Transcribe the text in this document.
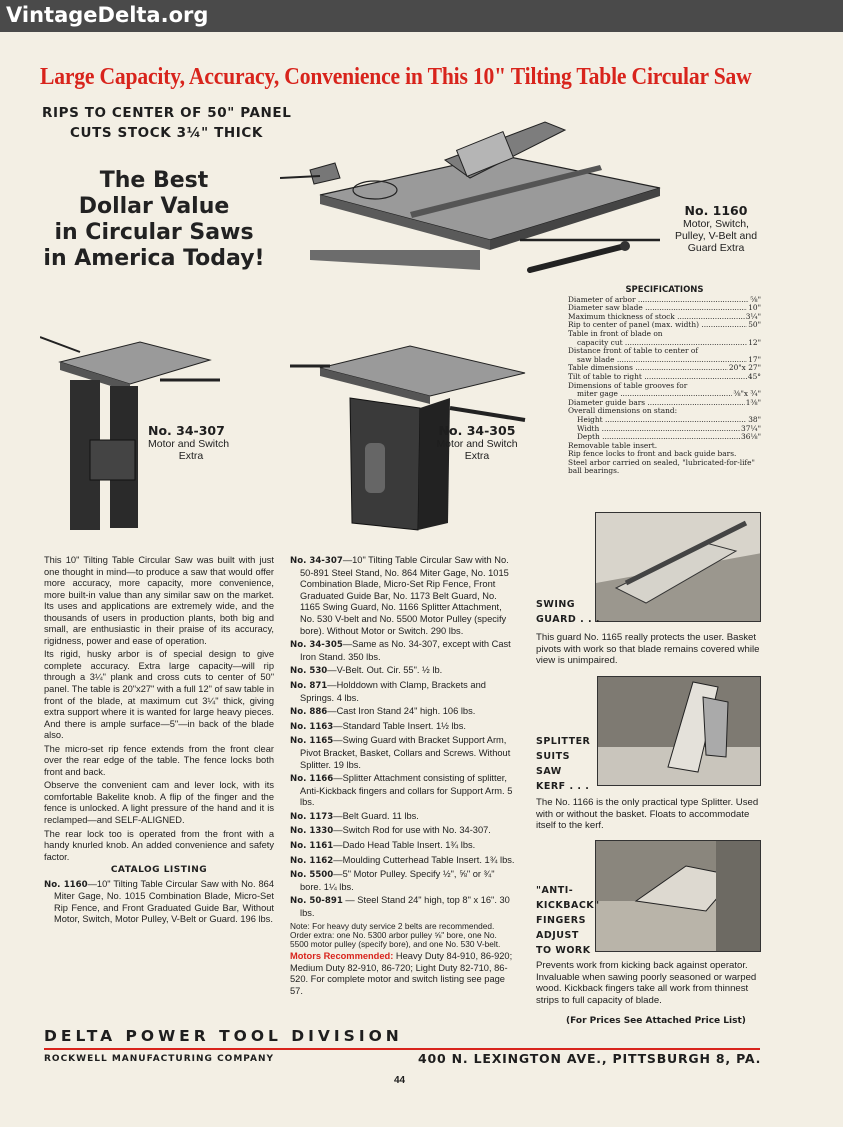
VintageDelta.org
Large Capacity, Accuracy, Convenience in This 10" Tilting Table Circular Saw
RIPS TO CENTER OF 50" PANEL
CUTS STOCK 3¼" THICK
The Best
Dollar Value
in Circular Saws
in America Today!
No. 1160
Motor, Switch,
Pulley, V-Belt and
Guard Extra
SPECIFICATIONS
Diameter of arbor .....	⅝"
Diameter saw blade .....	10"
Maximum thickness of stock .....	3¼"
Rip to center of panel (max. width) .....	50"
Table in front of blade on
capacity cut .....	12"
Distance front of table to center of
saw blade .....	17"
Table dimensions .....	20"x 27"
Tilt of table to right .....	45°
Dimensions of table grooves for
miter gage .....	⅜"x ¾"
Diameter guide bars .....	1⅜"
Overall dimensions on stand:
Height .....	38"
Width .....	37¼"
Depth .....	36⅛"
Removable table insert.
Rip fence locks to front and back guide bars.
Steel arbor carried on sealed, "lubricated-for-life" ball bearings.
No. 34-307
Motor and Switch
Extra
No. 34-305
Motor and Switch
Extra

This 10" Tilting Table Circular Saw was built with just one thought in mind—to produce a saw that would offer more accuracy, more capacity, more convenience, more built-in value than any similar saw on the market. Its uses and applications are extremely wide, and the thousands of users in production plants, both big and small, are enthusiastic in their praise of its accuracy, rigidness, power and ease of operation.

Its rigid, husky arbor is of special design to give complete accuracy. Extra large capacity—will rip through a 3¼" plank and cross cuts to center of 50" panel. The table is 20"x27" with a full 12" of saw table in front of the blade, at maximum cut 3¼" thick, giving extra support where it is wanted for large heavy pieces. And there is ample surface—5"—in back of the blade also.

The micro-set rip fence extends from the front clear over the rear edge of the table. The fence locks both front and back.

Observe the convenient cam and lever lock, with its comfortable Bakelite knob. A flip of the finger and the fence is unlocked. A light pressure of the hand and it is reclamped—and SELF-ALIGNED.

The rear lock too is operated from the front with a handy knurled knob. An added convenience and safety factor.

CATALOG LISTING

No. 1160—10" Tilting Table Circular Saw with No. 864 Miter Gage, No. 1015 Combination Blade, Micro-Set Rip Fence, and Front Graduated Guide Bar, Without Motor, Switch, Motor Pulley, V-Belt or Guard. 196 lbs.

No. 34-307—10" Tilting Table Circular Saw with No. 50-891 Steel Stand, No. 864 Miter Gage, No. 1015 Combination Blade, Micro-Set Rip Fence, Front Graduated Guide Bar, No. 1173 Belt Guard, No. 1165 Swing Guard, No. 1166 Splitter Attachment, No. 530 V-belt and No. 5500 Motor Pulley (specify bore). Without Motor or Switch. 290 lbs.

No. 34-305—Same as No. 34-307, except with Cast Iron Stand. 350 lbs.

No. 530—V-Belt. Out. Cir. 55". ½ lb.

No. 871—Holddown with Clamp, Brackets and Springs. 4 lbs.

No. 886—Cast Iron Stand 24" high. 106 lbs.

No. 1163—Standard Table Insert. 1½ lbs.

No. 1165—Swing Guard with Bracket Support Arm, Pivot Bracket, Basket, Collars and Screws. Without Splitter. 19 lbs.

No. 1166—Splitter Attachment consisting of splitter, Anti-Kickback fingers and collars for Support Arm. 5 lbs.

No. 1173—Belt Guard. 11 lbs.

No. 1330—Switch Rod for use with No. 34-307.

No. 1161—Dado Head Table Insert. 1¾ lbs.

No. 1162—Moulding Cutterhead Table Insert. 1¾ lbs.

No. 5500—5" Motor Pulley. Specify ½", ⅝" or ¾" bore. 1¼ lbs.

No. 50-891 — Steel Stand 24" high, top 8" x 16". 30 lbs.

Note: For heavy duty service 2 belts are recommended. Order extra: one No. 5300 arbor pulley ⅝" bore, one No. 5500 motor pulley (specify bore), and one No. 530 V-belt.

Motors Recommended: Heavy Duty 84-910, 86-920; Medium Duty 82-910, 86-720; Light Duty 82-710, 86-520. For complete motor and switch listing see page 57.

SWING
GUARD . . .
This guard No. 1165 really protects the user. Basket pivots with work so that blade remains covered while view is unimpaired.
SPLITTER
SUITS
SAW
KERF . . .
The No. 1166 is the only practical type Splitter. Used with or without the basket. Floats to accommodate itself to the kerf.
"ANTI-
KICKBACK"
FINGERS
ADJUST
TO WORK
Prevents work from kicking back against operator. Invaluable when sawing poorly seasoned or warped wood. Kickback fingers take all work from thinnest strips to full capacity of blade.
(For Prices See Attached Price List)
DELTA POWER TOOL DIVISION
ROCKWELL MANUFACTURING COMPANY	400 N. LEXINGTON AVE., PITTSBURGH 8, PA.
44
